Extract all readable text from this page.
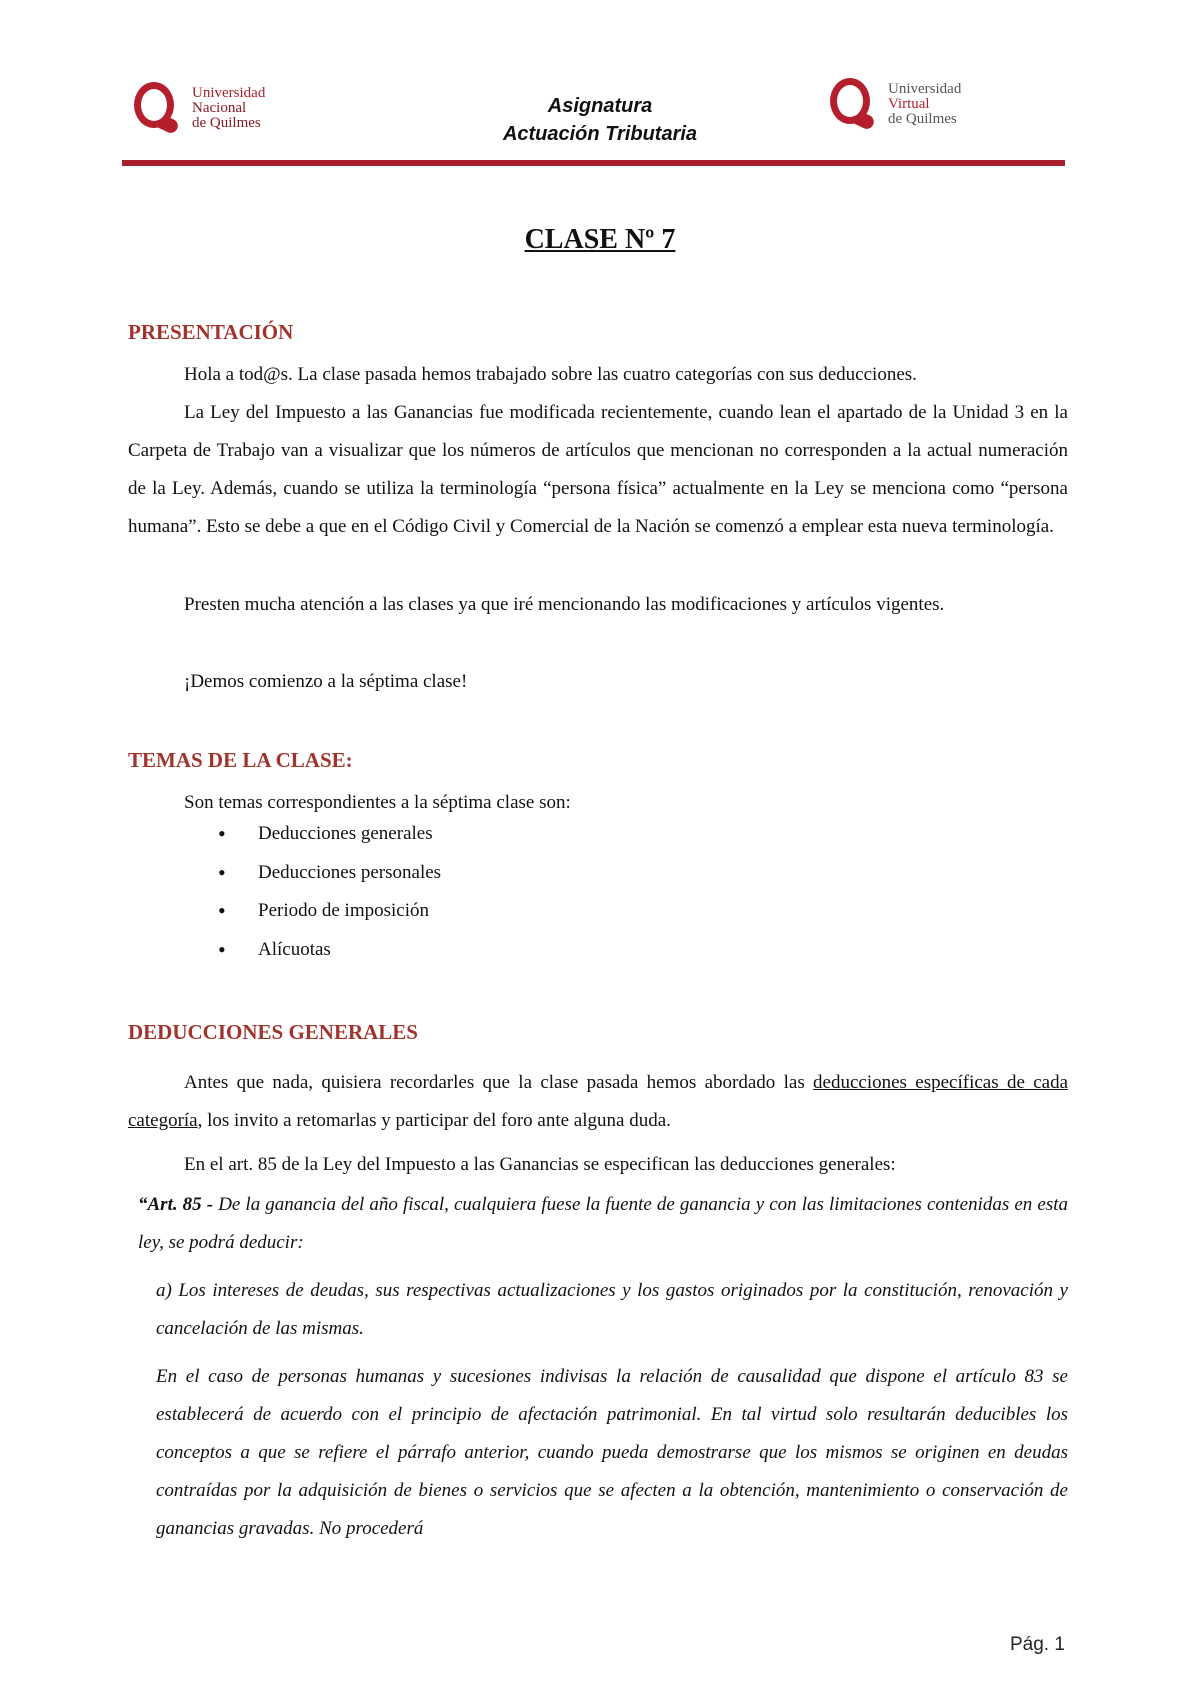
Universidad
Nacional
de Quilmes
Asignatura
Actuación Tributaria
Universidad
Virtual
de Quilmes
CLASE Nº 7
PRESENTACIÓN
Hola a tod@s. La clase pasada hemos trabajado sobre las cuatro categorías con sus deducciones.
La Ley del Impuesto a las Ganancias fue modificada recientemente, cuando lean el apartado de la Unidad 3 en la Carpeta de Trabajo van a visualizar que los números de artículos que mencionan no corresponden a la actual numeración de la Ley. Además, cuando se utiliza la terminología “persona física” actualmente en la Ley se menciona como “persona humana”. Esto se debe a que en el Código Civil y Comercial de la Nación se comenzó a emplear esta nueva terminología.
Presten mucha atención a las clases ya que iré mencionando las modificaciones y artículos vigentes.
¡Demos comienzo a la séptima clase!
TEMAS DE LA CLASE:
Son temas correspondientes a la séptima clase son:
• Deducciones generales
• Deducciones personales
• Periodo de imposición
• Alícuotas
DEDUCCIONES GENERALES
Antes que nada, quisiera recordarles que la clase pasada hemos abordado las deducciones específicas de cada categoría, los invito a retomarlas y participar del foro ante alguna duda.
En el art. 85 de la Ley del Impuesto a las Ganancias se especifican las deducciones generales:
“Art. 85 - De la ganancia del año fiscal, cualquiera fuese la fuente de ganancia y con las limitaciones contenidas en esta ley, se podrá deducir:
a) Los intereses de deudas, sus respectivas actualizaciones y los gastos originados por la constitución, renovación y cancelación de las mismas.
En el caso de personas humanas y sucesiones indivisas la relación de causalidad que dispone el artículo 83 se establecerá de acuerdo con el principio de afectación patrimonial. En tal virtud solo resultarán deducibles los conceptos a que se refiere el párrafo anterior, cuando pueda demostrarse que los mismos se originen en deudas contraídas por la adquisición de bienes o servicios que se afecten a la obtención, mantenimiento o conservación de ganancias gravadas. No procederá
Pág. 1
